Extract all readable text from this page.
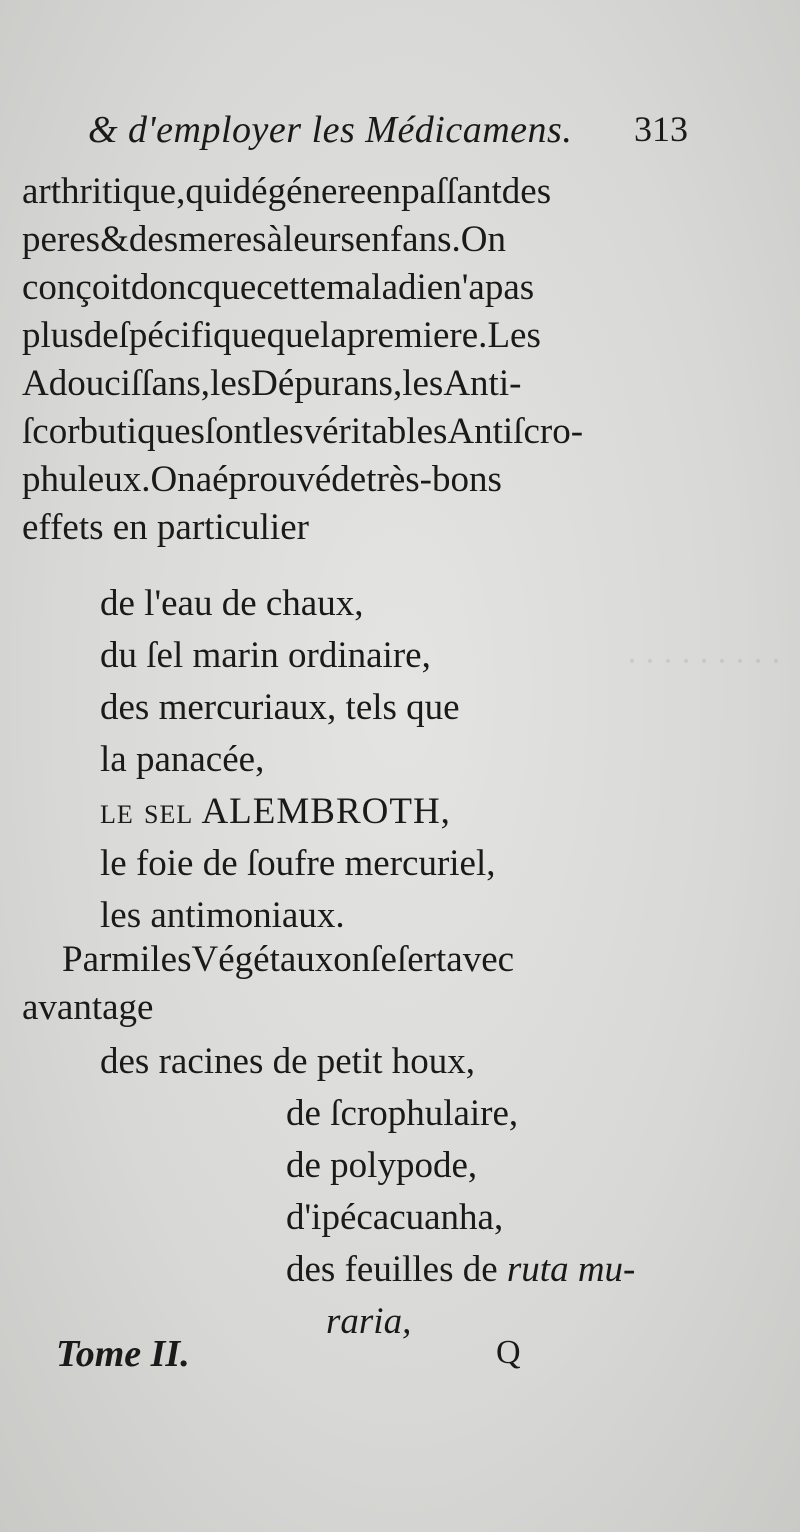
· · · · · · · · ·
& d'employer les Médicamens. 313
arthritique,quidégénereenpaſſantdes
peres&desmeresàleursenfans.On
conçoitdoncquecettemaladien'apas
plusdeſpécifiquequelapremiere.Les
Adouciſſans,lesDépurans,lesAnti-
ſcorbutiquesſontlesvéritablesAntiſcro-
phuleux.Onaéprouvédetrès-bons
effets en particulier
de l'eau de chaux,
du ſel marin ordinaire,
des mercuriaux, tels que
la panacée,
le ſel ALEMBROTH,
le foie de ſoufre mercuriel,
les antimoniaux.
ParmilesVégétauxonſeſertavec
avantage
des racines de petit houx,
de ſcrophulaire,
de polypode,
d'ipécacuanha,
des feuilles de ruta mu-
raria,
Tome II.	Q
